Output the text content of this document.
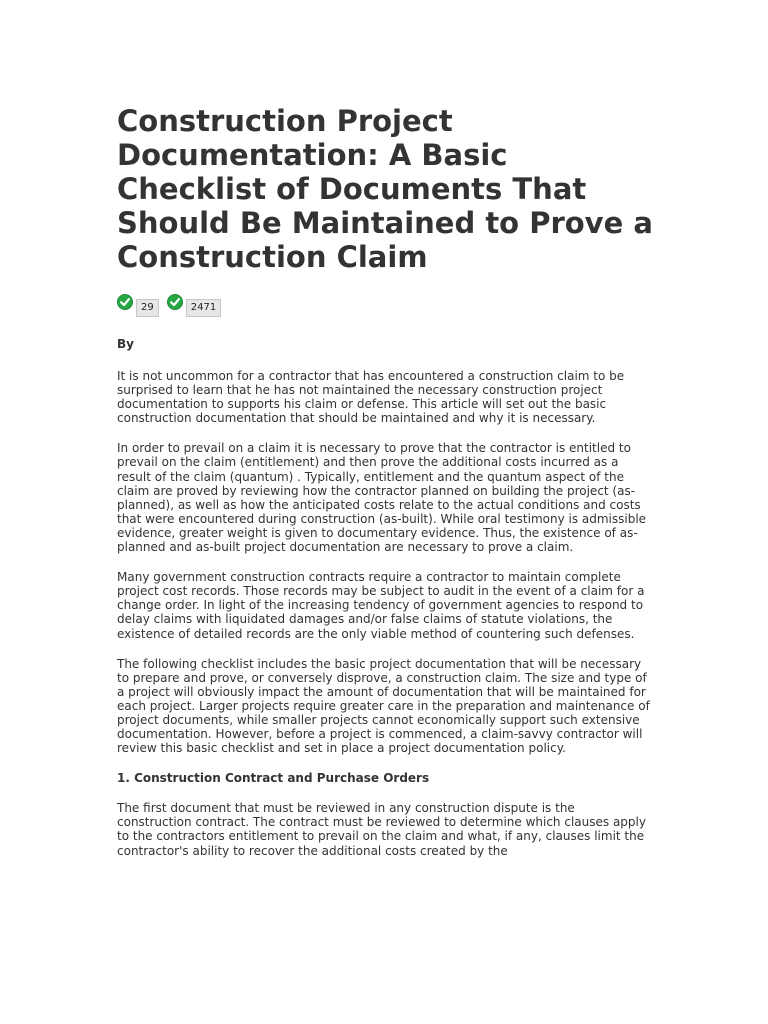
Construction Project Documentation: A Basic Checklist of Documents That Should Be Maintained to Prove a Construction Claim
29	2471
By

It is not uncommon for a contractor that has encountered a construction claim to be surprised to learn that he has not maintained the necessary construction project documentation to supports his claim or defense. This article will set out the basic construction documentation that should be maintained and why it is necessary.

In order to prevail on a claim it is necessary to prove that the contractor is entitled to prevail on the claim (entitlement) and then prove the additional costs incurred as a result of the claim (quantum) . Typically, entitlement and the quantum aspect of the claim are proved by reviewing how the contractor planned on building the project (as-planned), as well as how the anticipated costs relate to the actual conditions and costs that were encountered during construction (as-built). While oral testimony is admissible evidence, greater weight is given to documentary evidence. Thus, the existence of as-planned and as-built project documentation are necessary to prove a claim.

Many government construction contracts require a contractor to maintain complete project cost records. Those records may be subject to audit in the event of a claim for a change order. In light of the increasing tendency of government agencies to respond to delay claims with liquidated damages and/or false claims of statute violations, the existence of detailed records are the only viable method of countering such defenses.

The following checklist includes the basic project documentation that will be necessary to prepare and prove, or conversely disprove, a construction claim. The size and type of a project will obviously impact the amount of documentation that will be maintained for each project. Larger projects require greater care in the preparation and maintenance of project documents, while smaller projects cannot economically support such extensive documentation. However, before a project is commenced, a claim-savvy contractor will review this basic checklist and set in place a project documentation policy.

1. Construction Contract and Purchase Orders

The first document that must be reviewed in any construction dispute is the construction contract. The contract must be reviewed to determine which clauses apply to the contractors entitlement to prevail on the claim and what, if any, clauses limit the contractor's ability to recover the additional costs created by the
